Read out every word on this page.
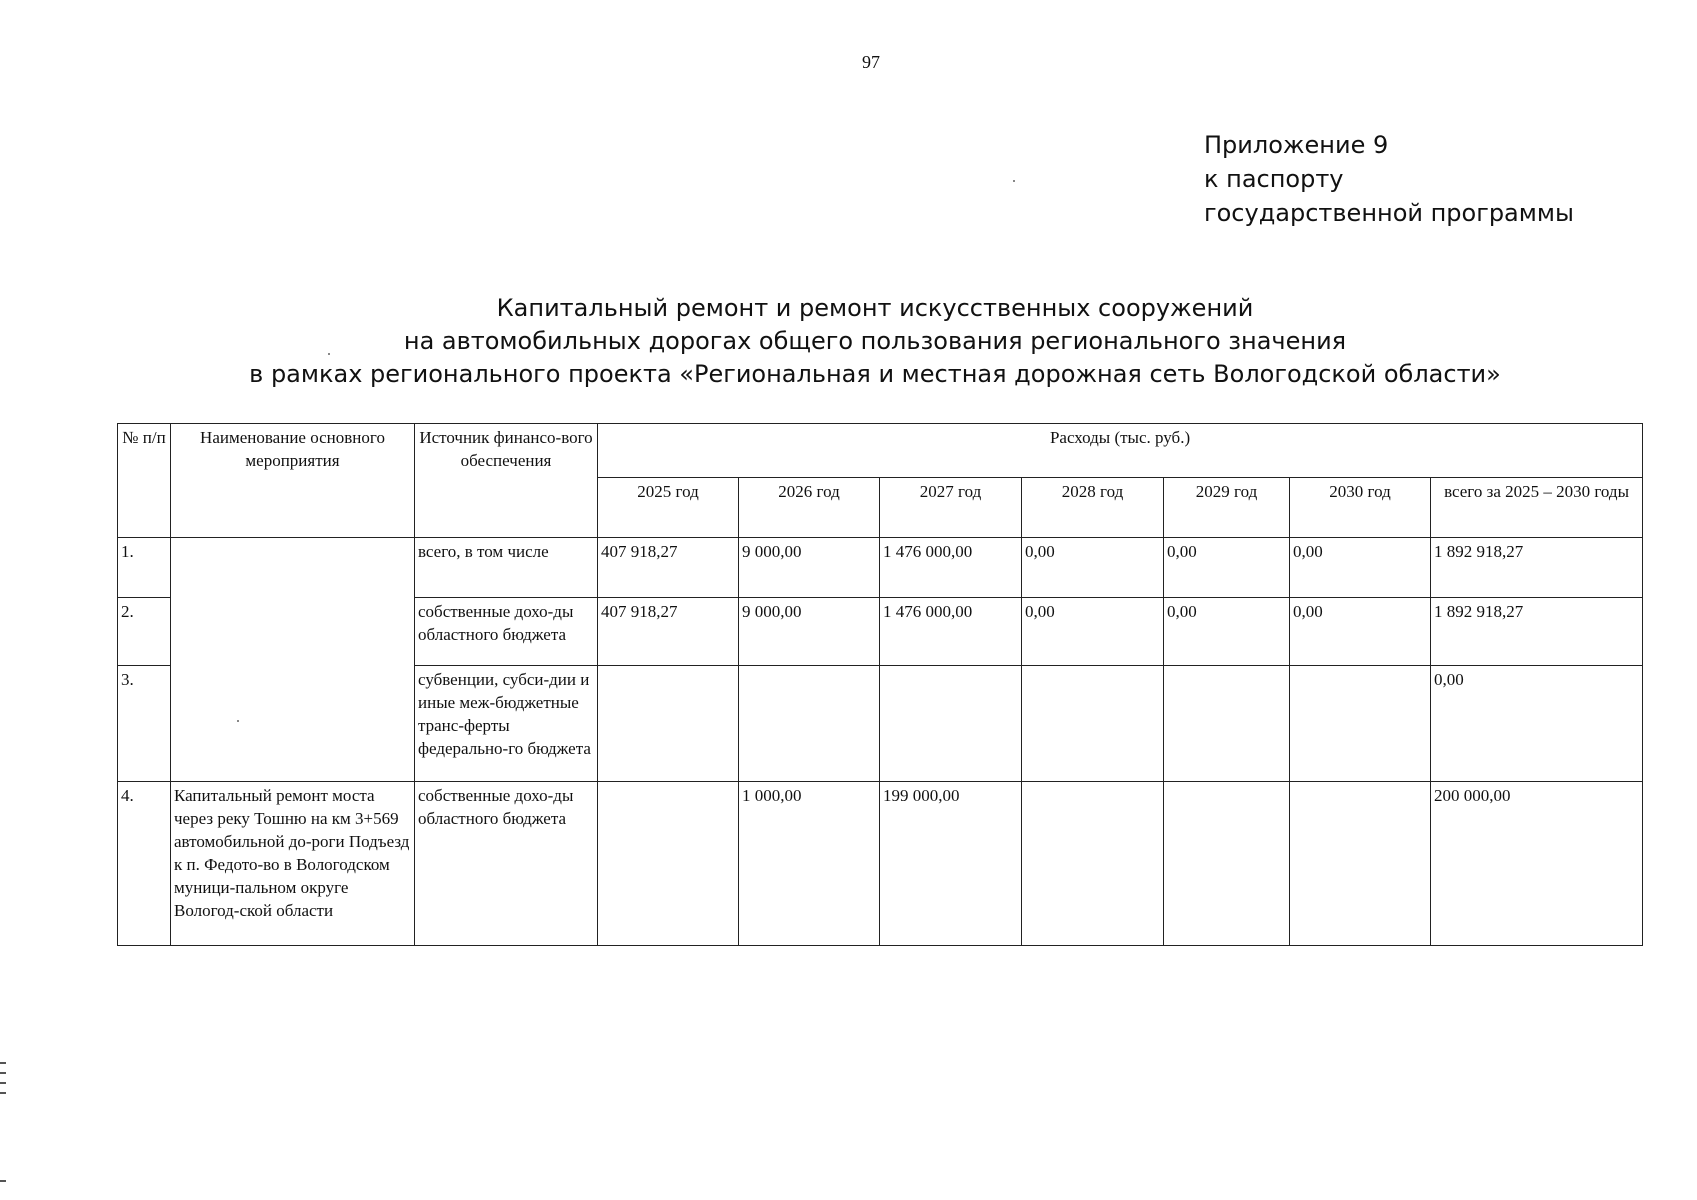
97
Приложение 9
к паспорту
государственной программы
Капитальный ремонт и ремонт искусственных сооружений
на автомобильных дорогах общего пользования регионального значения
в рамках регионального проекта «Региональная и местная дорожная сеть Вологодской области»
№ п/п	Наименование основного мероприятия	Источник финансо-вого обеспечения	Расходы (тыс. руб.)						
			2025 год	2026 год	2027 год	2028 год	2029 год	2030 год	всего за 2025 – 2030 годы
1.		всего, в том числе	407 918,27	9 000,00	1 476 000,00	0,00	0,00	0,00	1 892 918,27
2.		собственные дохо-ды областного бюджета	407 918,27	9 000,00	1 476 000,00	0,00	0,00	0,00	1 892 918,27
3.		субвенции, субси-дии и иные меж-бюджетные транс-ферты федерально-го бюджета							0,00
4.	Капитальный ремонт моста через реку Тошню на км 3+569 автомобильной до-роги Подъезд к п. Федото-во в Вологодском муници-пальном округе Вологод-ской области	собственные дохо-ды областного бюджета		1 000,00	199 000,00				200 000,00
